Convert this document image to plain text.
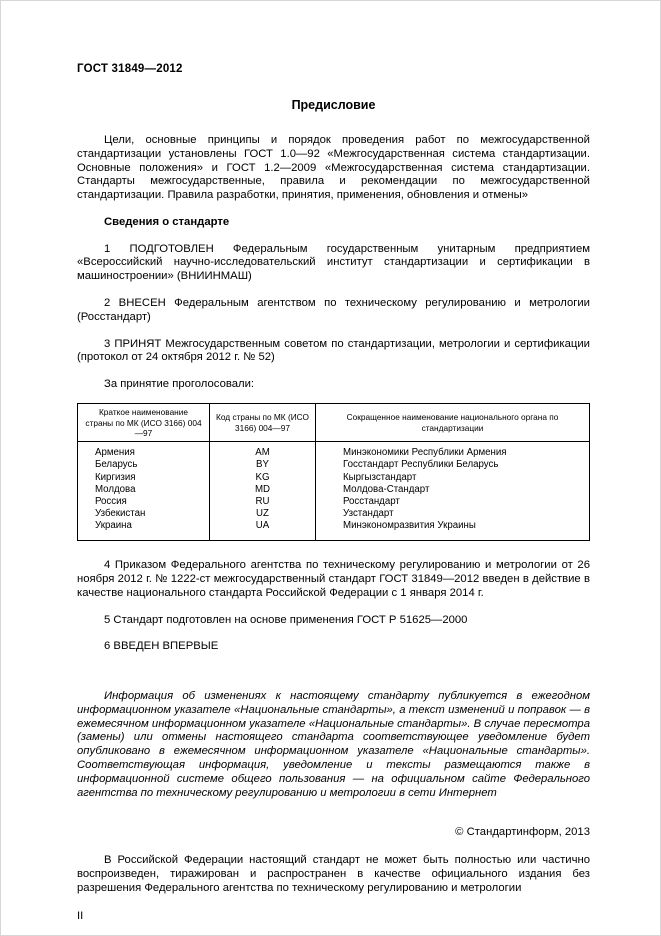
ГОСТ 31849—2012
Предисловие

Цели, основные принципы и порядок проведения работ по межгосударственной стандартизации установлены ГОСТ 1.0—92 «Межгосударственная система стандартизации. Основные положения» и ГОСТ 1.2—2009 «Межгосударственная система стандартизации. Стандарты межгосударственные, правила и рекомендации по межгосударственной стандартизации. Правила разработки, принятия, применения, обновления и отмены»

Сведения о стандарте

1 ПОДГОТОВЛЕН Федеральным государственным унитарным предприятием «Всероссийский научно-исследовательский институт стандартизации и сертификации в машиностроении» (ВНИИНМАШ)

2 ВНЕСЕН Федеральным агентством по техническому регулированию и метрологии (Росстандарт)

3 ПРИНЯТ Межгосударственным советом по стандартизации, метрологии и сертификации (протокол от 24 октября 2012 г. № 52)

За принятие проголосовали:

Краткое наименование страны по МК (ИСО 3166) 004—97	Код страны по МК (ИСО 3166) 004—97	Сокращенное наименование национального органа по стандартизации
Армения	AM	Минэкономики Республики Армения
Беларусь	BY	Госстандарт Республики Беларусь
Киргизия	KG	Кыргызстандарт
Молдова	MD	Молдова-Стандарт
Россия	RU	Росстандарт
Узбекистан	UZ	Узстандарт
Украина	UA	Минэкономразвития Украины

4 Приказом Федерального агентства по техническому регулированию и метрологии от 26 ноября 2012 г. № 1222-ст межгосударственный стандарт ГОСТ 31849—2012 введен в действие в качестве национального стандарта Российской Федерации с 1 января 2014 г.

5 Стандарт подготовлен на основе применения ГОСТ Р 51625—2000

6 ВВЕДЕН ВПЕРВЫЕ

Информация об изменениях к настоящему стандарту публикуется в ежегодном информационном указателе «Национальные стандарты», а текст изменений и поправок — в ежемесячном информационном указателе «Национальные стандарты». В случае пересмотра (замены) или отмены настоящего стандарта соответствующее уведомление будет опубликовано в ежемесячном информационном указателе «Национальные стандарты». Соответствующая информация, уведомление и тексты размещаются также в информационной системе общего пользования — на официальном сайте Федерального агентства по техническому регулированию и метрологии в сети Интернет

© Стандартинформ, 2013

В Российской Федерации настоящий стандарт не может быть полностью или частично воспроизведен, тиражирован и распространен в качестве официального издания без разрешения Федерального агентства по техническому регулированию и метрологии

II
